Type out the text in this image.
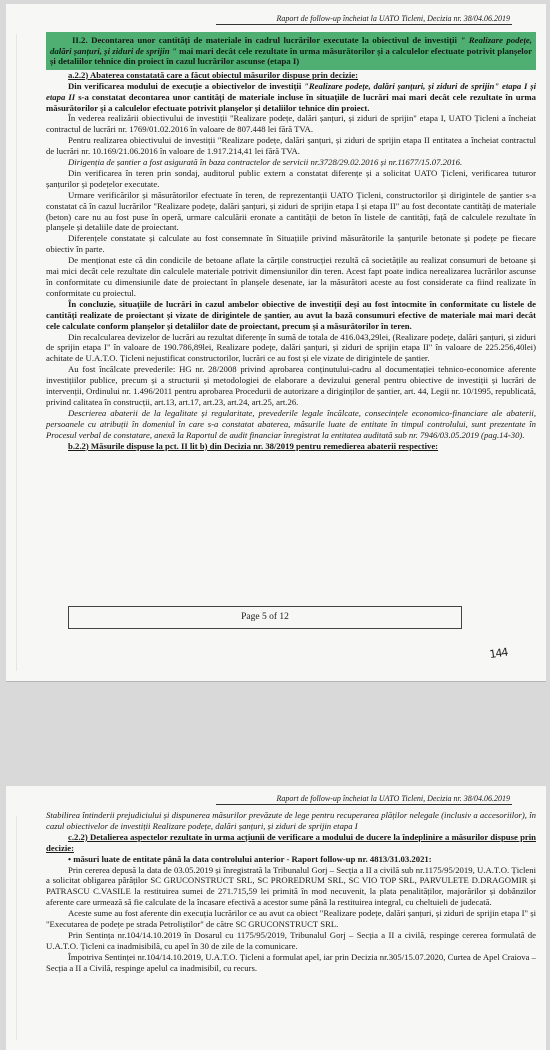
Raport de follow-up încheiat la UATO Ticleni, Decizia nr. 38/04.06.2019

II.2. Decontarea unor cantități de materiale în cadrul lucrărilor executate la obiectivul de investiții " Realizare podețe, dalări șanțuri, și ziduri de sprijin " mai mari decât cele rezultate în urma măsurătorilor și a calculelor efectuate potrivit planșelor și detaliilor tehnice din proiect în cazul lucrărilor ascunse (etapa I)

a.2.2) Abaterea constatată care a făcut obiectul măsurilor dispuse prin decizie:

Din verificarea modului de execuție a obiectivelor de investiții "Realizare podețe, dalări șanțuri, și ziduri de sprijin" etapa I și etapa II s-a constatat decontarea unor cantități de materiale incluse în situațiile de lucrări mai mari decât cele rezultate în urma măsurătorilor și a calculelor efectuate potrivit planșelor și detaliilor tehnice din proiect.

În vederea realizării obiectivului de investiții "Realizare podețe, dalări șanțuri, și ziduri de sprijin" etapa I, UATO Țicleni a încheiat contractul de lucrări nr. 1769/01.02.2016 în valoare de 807.448 lei fără TVA.

Pentru realizarea obiectivului de investiții "Realizare podețe, dalări șanțuri, și ziduri de sprijin etapa II entitatea a încheiat contractul de lucrări nr. 10.169/21.06.2016 în valoare de 1.917.214,41 lei fără TVA.

Dirigenția de șantier a fost asigurată în baza contractelor de servicii nr.3728/29.02.2016 și nr.11677/15.07.2016.

Din verificarea în teren prin sondaj, auditorul public extern a constatat diferențe și a solicitat UATO Țicleni, verificarea tuturor șanțurilor și podețelor executate.

Urmare verificărilor și măsurătorilor efectuate în teren, de reprezentanții UATO Țicleni, constructorilor și dirigintele de șantier s-a constatat că în cazul lucrărilor "Realizare podețe, dalări șanțuri, și ziduri de sprijin etapa I și etapa II" au fost decontate cantități de materiale (beton) care nu au fost puse în operă, urmare calculării eronate a cantității de beton în listele de cantități, față de calculele rezultate în planșele și detaliile date de proiectant.

Diferențele constatate și calculate au fost consemnate în Situațiile privind măsurătorile la șanțurile betonate și podețe pe fiecare obiectiv în parte.

De menționat este că din condicile de betoane aflate la cărțile construcției rezultă că societățile au realizat consumuri de betoane și mai mici decât cele rezultate din calculele materiale potrivit dimensiunilor din teren. Acest fapt poate indica nerealizarea lucrărilor ascunse în conformitate cu dimensiunile date de proiectant în planșele desenate, iar la măsurători aceste au fost considerate ca fiind realizate în conformitate cu proiectul.

În concluzie, situațiile de lucrări în cazul ambelor obiective de investiții deși au fost întocmite în conformitate cu listele de cantități realizate de proiectant și vizate de dirigintele de șantier, au avut la bază consumuri efective de materiale mai mari decât cele calculate conform planșelor și detaliilor date de proiectant, precum și a măsurătorilor în teren.

Din recalcularea devizelor de lucrări au rezultat diferențe în sumă de totala de 416.043,29lei, (Realizare podețe, dalări șanțuri, și ziduri de sprijin etapa I" în valoare de 190.786,89lei, Realizare podețe, dalări șanțuri, și ziduri de sprijin etapa II" în valoare de 225.256,40lei) achitate de U.A.T.O. Țicleni nejustificat constructorilor, lucrări ce au fost și ele vizate de dirigintele de șantier.

Au fost încălcate prevederile: HG nr. 28/2008 privind aprobarea conținutului-cadru al documentației tehnico-economice aferente investițiilor publice, precum și a structurii și metodologiei de elaborare a devizului general pentru obiective de investiții și lucrări de intervenții, Ordinului nr. 1.496/2011 pentru aprobarea Procedurii de autorizare a diriginților de șantier, art. 44, Legii nr. 10/1995, republicată, privind calitatea în construcții, art.13, art.17, art.23, art.24, art.25, art.26.

Descrierea abaterii de la legalitate și regularitate, prevederile legale încălcate, consecințele economico-financiare ale abaterii, persoanele cu atribuții în domeniul în care s-a constatat abaterea, măsurile luate de entitate în timpul controlului, sunt prezentate în Procesul verbal de constatare, anexă la Raportul de audit financiar înregistrat la entitatea auditată sub nr. 7946/03.05.2019 (pag.14-30).

b.2.2) Măsurile dispuse la pct. II lit b) din Decizia nr. 38/2019 pentru remedierea abaterii respective:

Page 5 of 12
144
Raport de follow-up încheiat la UATO Ticleni, Decizia nr. 38/04.06.2019

Stabilirea întinderii prejudiciului și dispunerea măsurilor prevăzute de lege pentru recuperarea plăților nelegale (inclusiv a accesoriilor), în cazul obiectivelor de investiții Realizare podețe, dalări șanțuri, și ziduri de sprijin etapa I

c.2.2) Detalierea aspectelor rezultate în urma acțiunii de verificare a modului de ducere la îndeplinire a măsurilor dispuse prin decizie:

• măsuri luate de entitate până la data controlului anterior - Raport follow-up nr. 4813/31.03.2021:

Prin cererea depusă la data de 03.05.2019 și înregistrată la Tribunalul Gorj – Secția a II a civilă sub nr.1175/95/2019, U.A.T.O. Țicleni a solicitat obligarea pârâților SC GRUCONSTRUCT SRL, SC PROREDRUM SRL, SC VIO TOP SRL, PARVULETE D.DRAGOMIR și PATRASCU C.VASILE la restituirea sumei de 271.715,59 lei primită în mod necuvenit, la plata penalităților, majorărilor și dobânzilor aferente care urmează să fie calculate de la încasare efectivă a acestor sume până la restituirea integral, cu cheltuieli de judecată.

Aceste sume au fost aferente din execuția lucrărilor ce au avut ca obiect "Realizare podețe, dalări șanțuri, și ziduri de sprijin etapa I" și "Executarea de podețe pe strada Petroliștilor" de către SC GRUCONSTRUCT SRL.

Prin Sentința nr.104/14.10.2019 în Dosarul cu 1175/95/2019, Tribunalul Gorj – Secția a II a civilă, respinge cererea formulată de U.A.T.O. Țicleni ca inadmisibilă, cu apel în 30 de zile de la comunicare.

Împotriva Sentinței nr.104/14.10.2019, U.A.T.O. Țicleni a formulat apel, iar prin Decizia nr.305/15.07.2020, Curtea de Apel Craiova – Secția a II a Civilă, respinge apelul ca inadmisibil, cu recurs.
